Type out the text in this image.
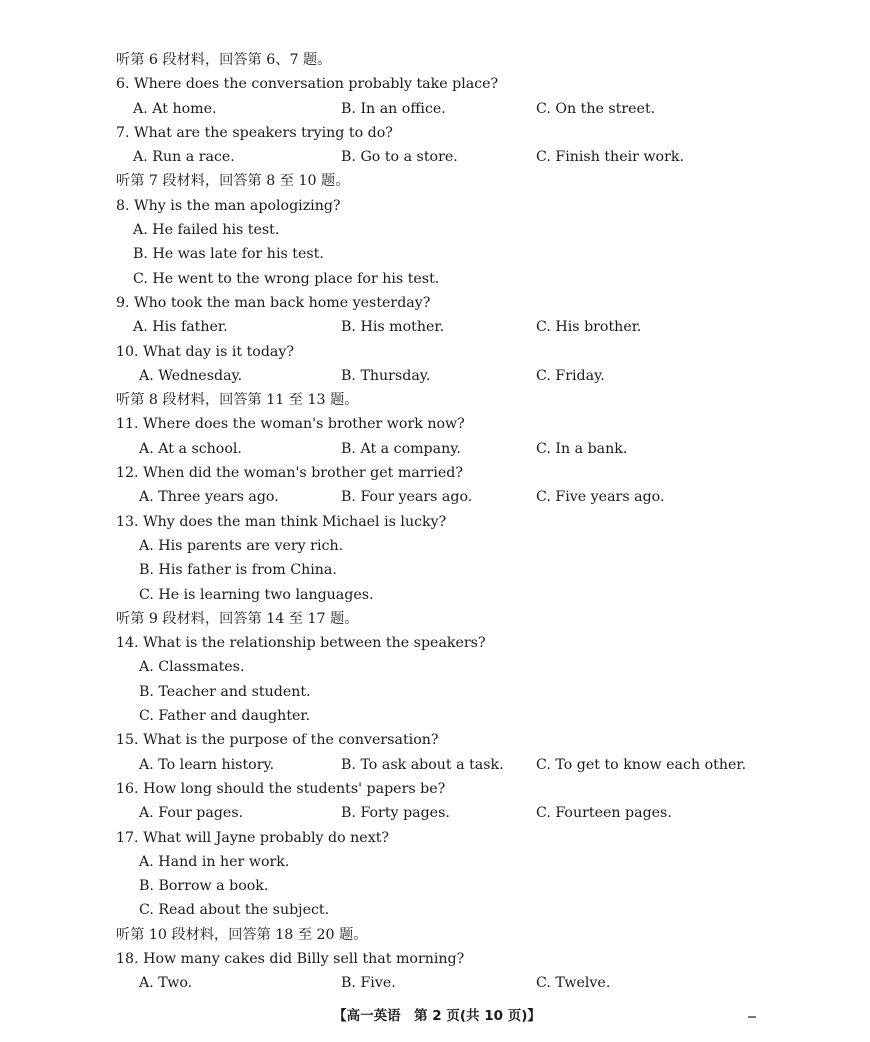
听第 6 段材料，回答第 6、7 题。
6. Where does the conversation probably take place?
A. At home.	B. In an office.	C. On the street.
7. What are the speakers trying to do?
A. Run a race.	B. Go to a store.	C. Finish their work.
听第 7 段材料，回答第 8 至 10 题。
8. Why is the man apologizing?
A. He failed his test.
B. He was late for his test.
C. He went to the wrong place for his test.
9. Who took the man back home yesterday?
A. His father.	B. His mother.	C. His brother.
10. What day is it today?
A. Wednesday.	B. Thursday.	C. Friday.
听第 8 段材料，回答第 11 至 13 题。
11. Where does the woman's brother work now?
A. At a school.	B. At a company.	C. In a bank.
12. When did the woman's brother get married?
A. Three years ago.	B. Four years ago.	C. Five years ago.
13. Why does the man think Michael is lucky?
A. His parents are very rich.
B. His father is from China.
C. He is learning two languages.
听第 9 段材料，回答第 14 至 17 题。
14. What is the relationship between the speakers?
A. Classmates.
B. Teacher and student.
C. Father and daughter.
15. What is the purpose of the conversation?
A. To learn history.	B. To ask about a task. C. To get to know each other.
16. How long should the students' papers be?
A. Four pages.	B. Forty pages.	C. Fourteen pages.
17. What will Jayne probably do next?
A. Hand in her work.
B. Borrow a book.
C. Read about the subject.
听第 10 段材料，回答第 18 至 20 题。
18. How many cakes did Billy sell that morning?
A. Two.	B. Five.	C. Twelve.
【高一英语　第 2 页(共 10 页)】
